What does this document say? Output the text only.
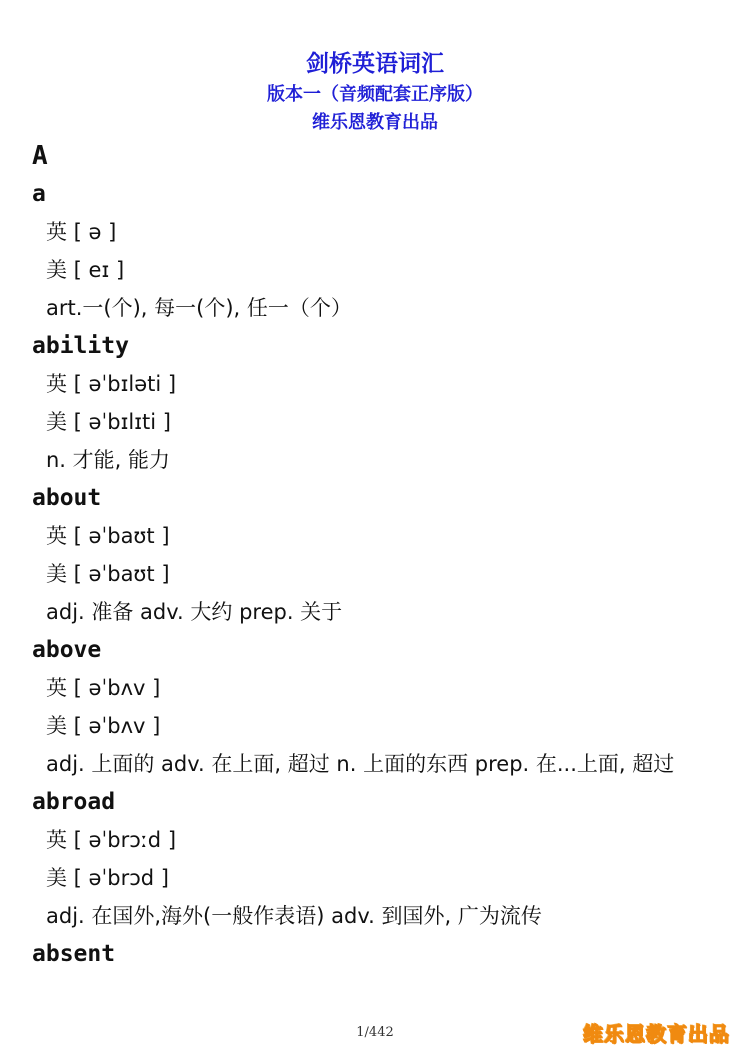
剑桥英语词汇
版本一（音频配套正序版）
维乐恩教育出品
A
a
英 [ ə ]
美 [ eɪ ]
art.一(个), 每一(个), 任一（个）
ability
英 [ əˈbɪləti ]
美 [ əˈbɪlɪti ]
n. 才能, 能力
about
英 [ əˈbaʊt ]
美 [ əˈbaʊt ]
adj. 准备 adv. 大约 prep. 关于
above
英 [ əˈbʌv ]
美 [ əˈbʌv ]
adj. 上面的 adv. 在上面, 超过 n. 上面的东西 prep. 在...上面, 超过
abroad
英 [ əˈbrɔːd ]
美 [ əˈbrɔd ]
adj. 在国外,海外(一般作表语) adv. 到国外, 广为流传
absent
1/442	维乐恩教育出品
